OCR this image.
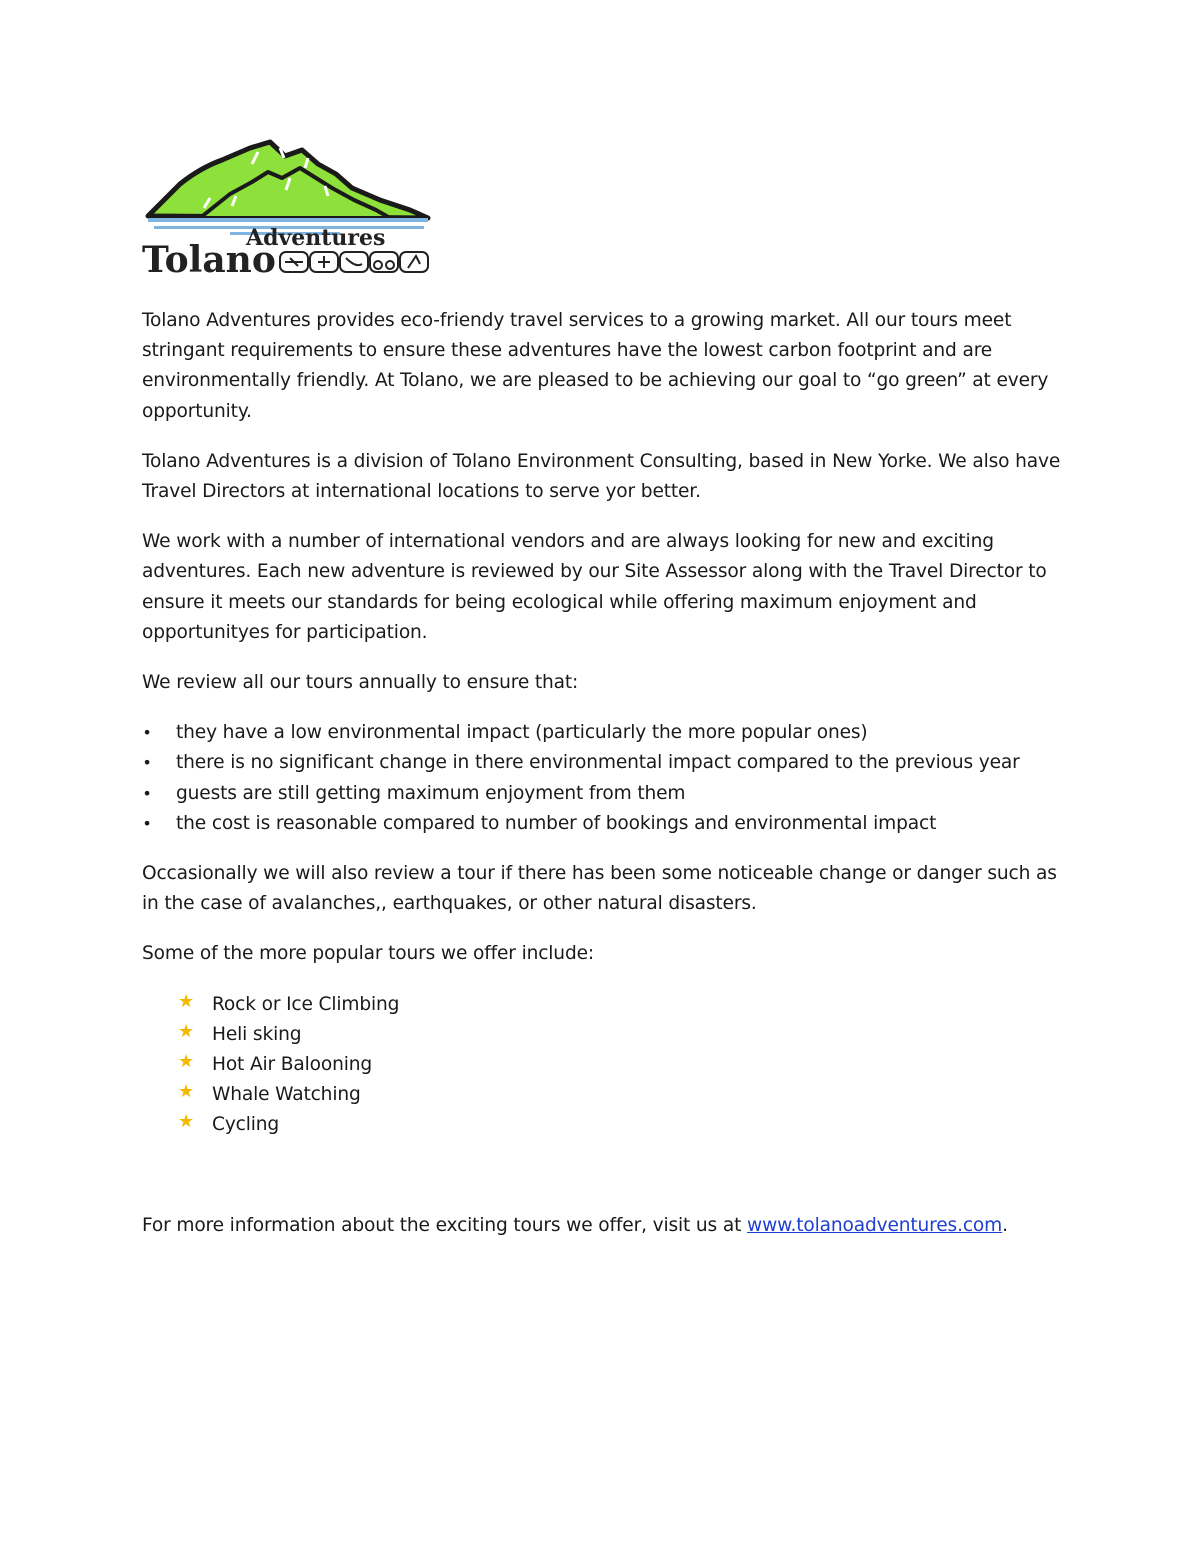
Adventures
Tolano

Tolano Adventures provides eco-friendy travel services to a growing market. All our tours meet stringant requirements to ensure these adventures have the lowest carbon footprint and are environmentally friendly. At Tolano, we are pleased to be achieving our goal to “go green” at every opportunity.

Tolano Adventures is a division of Tolano Environment Consulting, based in New Yorke. We also have Travel Directors at international locations to serve yor better.

We work with a number of international vendors and are always looking for new and exciting adventures. Each new adventure is reviewed by our Site Assessor along with the Travel Director to ensure it meets our standards for being ecological while offering maximum enjoyment and opportunityes for participation.

We review all our tours annually to ensure that:

• they have a low environmental impact (particularly the more popular ones)
• there is no significant change in there environmental impact compared to the previous year
• guests are still getting maximum enjoyment from them
• the cost is reasonable compared to number of bookings and environmental impact

Occasionally we will also review a tour if there has been some noticeable change or danger such as in the case of avalanches,, earthquakes, or other natural disasters.

Some of the more popular tours we offer include:

★ Rock or Ice Climbing
★ Heli sking
★ Hot Air Balooning
★ Whale Watching
★ Cycling

For more information about the exciting tours we offer, visit us at www.tolanoadventures.com.
